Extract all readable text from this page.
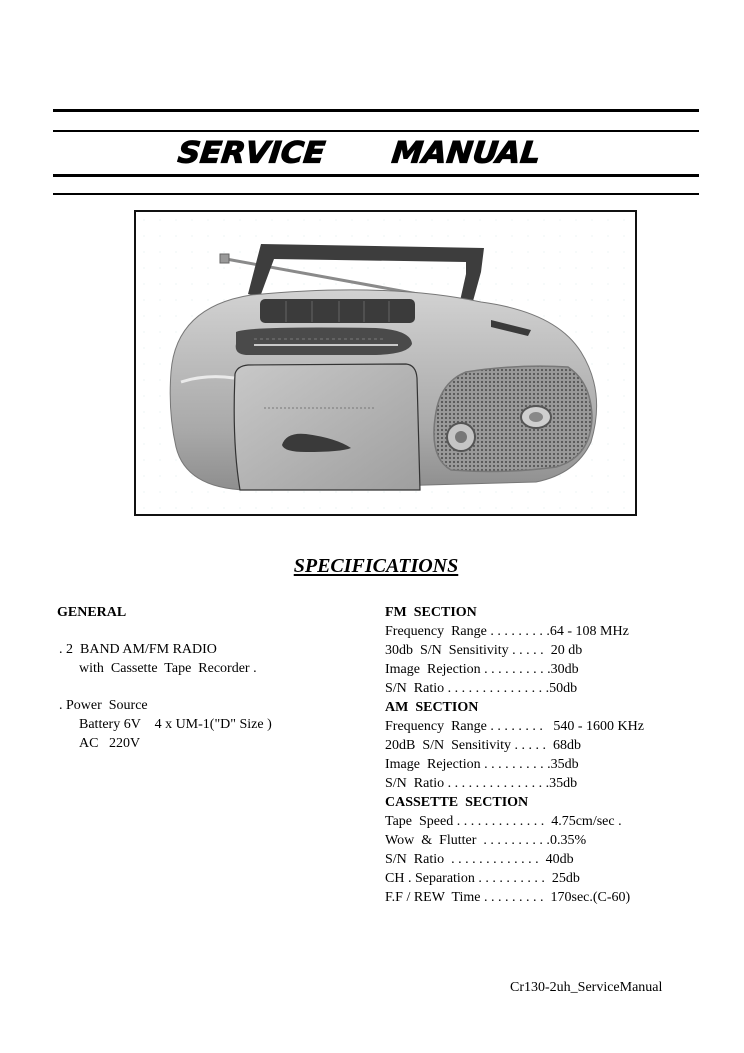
SERVICE MANUAL
SPECIFICATIONS
GENERAL
. 2  BAND AM/FM RADIO
with  Cassette  Tape  Recorder .
. Power  Source
Battery 6V    4 x UM-1("D" Size )
AC   220V
FM  SECTION
Frequency  Range . . . . . . . . .64 - 108 MHz
30db  S/N  Sensitivity . . . . .  20 db
Image  Rejection . . . . . . . . . .30db
S/N  Ratio . . . . . . . . . . . . . . .50db
AM  SECTION
Frequency  Range . . . . . . . .   540 - 1600 KHz
20dB  S/N  Sensitivity . . . . .  68db
Image  Rejection . . . . . . . . . .35db
S/N  Ratio . . . . . . . . . . . . . . .35db
CASSETTE  SECTION
Tape  Speed . . . . . . . . . . . . .  4.75cm/sec .
Wow  &  Flutter  . . . . . . . . . .0.35%
S/N  Ratio  . . . . . . . . . . . . .  40db
CH . Separation . . . . . . . . . .  25db
F.F / REW  Time . . . . . . . . .  170sec.(C-60)
Cr130-2uh_ServiceManual
